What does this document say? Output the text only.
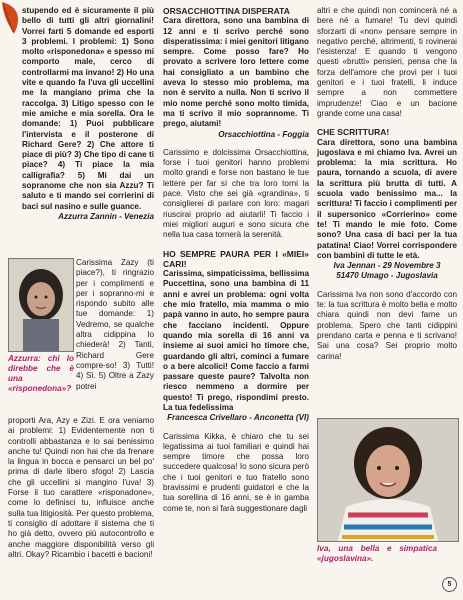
stupendo ed è sicuramente il più bello di tutti gli altri giornalini! Vorrei farti 5 domande ed esporti 3 problemi. I problemi: 1) Sono molto «risponedona» e spesso mi comporto male, cerco di controllarmi ma invano! 2) Ho una vite e quando fa l'uva gli uccellini me la mangiano prima che la raccolga. 3) Litigo spesso con le mie amiche e mia sorella. Ora le domande: 1) Puoi pubblicare l'intervista e il posterone di Richard Gere? 2) Che attore ti piace di più? 3) Che tipo di cane ti piace? 4) Ti piace la mia calligrafia? 5) Mi dai un sopranome che non sia Azzu? Ti saluto e ti mando sei corrierini di baci sul nasino e sulle guance.

Azzurra Zannin - Venezia

Carissima Zazy (ti piace?), ti ringrazio per i complimenti e per i sopranno-mi e rispondo subito alle tue domande: 1) Vedremo, se qualche altra cidippina lo chiederà! 2) Tanti, Richard Gere compre-so! 3) Tutti! 4) Sì. 5) Oltre a Zazy potrei

Azzurra: chi lo direbbe che è una «risponedona»?

proporti Ara, Azy e Zizi. E ora veniamo ai problemi: 1) Evidentemente non ti controlli abbastanza e lo sai benissimo anche tu! Quindi non hai che da frenare la lingua in bocca e pensarci un bel po' prima di darle libero sfogo! 2) Lascia che gli uccellini si mangino l'uva! 3) Forse il tuo carattere «risponadone», come lo definisci tu, influisce anche sulla tua litigiosità. Per questo problema, ti consiglio di adottare il sistema che ti ho già detto, ovvero più autocontrollo e anche maggiore disponibilità verso gli altri. Okay? Ricambio i bacetti e bacioni!

ORSACCHIOTTINA DISPERATA

Cara direttora, sono una bambina di 12 anni e ti scrivo perché sono disperatissima: i miei genitori litigano sempre. Come posso fare? Ho provato a scrivere loro lettere come hai consigliato a un bambino che aveva lo stesso mio problema, ma non è servito a nulla. Non ti scrivo il mio nome perché sono molto timida, ma ti scrivo il mio soprannome. Ti prego, aiutami!

Orsacchiottina - Foggia

Carissimo e dolcissima Orsacchiottina, forse i tuoi genitori hanno problemi molto grandi e forse non bastano le tue lettere per far sì che tra loro torni la pace. Visto che sei già «grandina», ti consiglierei di parlare con loro: magari riuscirai proprio ad aiutarli! Ti faccio i miei migliori auguri e sono sicura che nella tua casa tornerà la serenità.

HO SEMPRE PAURA PER I «MIEI» CARI!

Carissima, simpaticissima, bellissima Puccettina, sono una bambina di 11 anni e avrei un problema: ogni volta che mio fratello, mia mamma o mio papà vanno in auto, ho sempre paura che facciano incidenti. Oppure quando mia sorella di 16 anni va insieme ai suoi amici ho timore che, guardando gli altri, cominci a fumare o a bere alcolici! Come faccio a farmi passare queste paure? Talvolta non riesco nemmeno a dormire per questo! Ti prego, rispondimi presto. La tua fedelissima

Francesca Crivellaro - Anconetta (VI)

Carissima Kikka, è chiaro che tu sei legatissima ai tuoi familiari e quindi hai sempre timore che possa loro succedere qualcosa! Io sono sicura però che i tuoi genitori e tuo fratello sono bravissimi e prudenti guidatori e che la tua sorellina di 16 anni, se è in gamba come te, non si farà suggestionare dagli

altri e che quindi non comincerà né a bere né a fumare! Tu devi quindi sforzarti di «non» pensare sempre in negativo perché, altrimenti, ti rovinerai l'esistenza! E quando ti vengono questi «brutti» pensieri, pensa che la forza dell'amore che provi per i tuoi genitori e i tuoi fratelli, li induce sempre a non commettere imprudenze! Ciao e un bacione grande come una casa!

CHE SCRITTURA!

Cara direttora, sono una bambina jugoslava e mi chiamo Iva. Avrei un problema: la mia scrittura. Ho paura, tornando a scuola, di avere la scrittura più brutta di tutti. A scuola vado benissimo ma... la scrittura! Ti faccio i complimenti per il supersonico «Corrierino» come te! Ti mando le mie foto. Come sono? Una casa di baci per la tua patatina! Ciao! Vorrei corrispondere con bambini di tutte le età.

Iva Jennan - 29 Novembre 3

51470 Umago - Jugoslavia

Carissima Iva non sono d'accordo con te: la tua scrittura è molto bella e molto chiara quindi non devi farne un problema. Spero che tanti cidippini prendano carta e penna e ti scrivano! Sai una cosa? Sei proprio molto carina!

Iva, una bella e simpatica «jugoslavina».

5
